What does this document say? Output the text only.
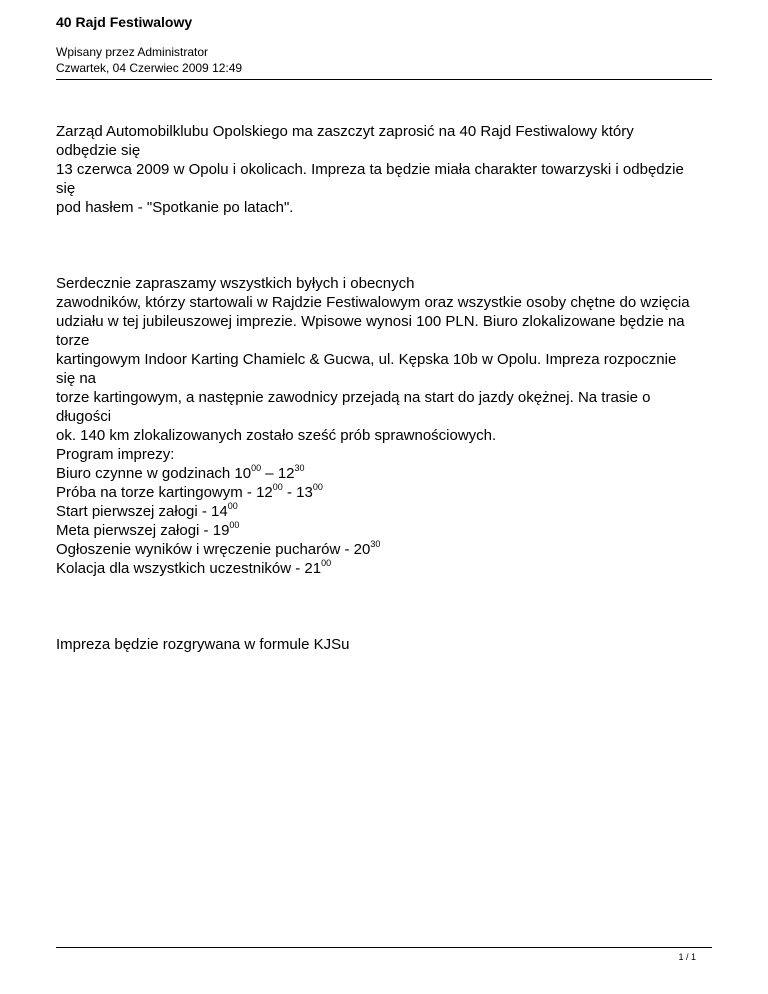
40 Rajd Festiwalowy
Wpisany przez Administrator
Czwartek, 04 Czerwiec 2009 12:49
Zarząd Automobilklubu Opolskiego ma zaszczyt zaprosić na 40 Rajd Festiwalowy który
odbędzie się
13 czerwca 2009 w Opolu i okolicach. Impreza ta będzie miała charakter towarzyski i odbędzie
się
pod hasłem - "Spotkanie po latach".
Serdecznie zapraszamy wszystkich byłych i obecnych
zawodników, którzy startowali w Rajdzie Festiwalowym oraz wszystkie osoby chętne do wzięcia
udziału w tej jubileuszowej imprezie. Wpisowe wynosi 100 PLN. Biuro zlokalizowane będzie na
torze
kartingowym Indoor Karting Chamielc & Gucwa, ul. Kępska 10b w Opolu. Impreza rozpocznie
się na
torze kartingowym, a następnie zawodnicy przejadą na start do jazdy okężnej. Na trasie o
długości
ok. 140 km zlokalizowanych zostało sześć prób sprawnościowych.
Program imprezy:
Biuro czynne w godzinach $10^{00} - 12^{30}$
Próba na torze kartingowym - $12^{00} - 13^{00}$
Start pierwszej załogi - $14^{00}$
Meta pierwszej załogi - $19^{00}$
Ogłoszenie wyników i wręczenie pucharów - $20^{30}$
Kolacja dla wszystkich uczestników - $21^{00}$
Impreza będzie rozgrywana w formule KJSu
1 / 1
